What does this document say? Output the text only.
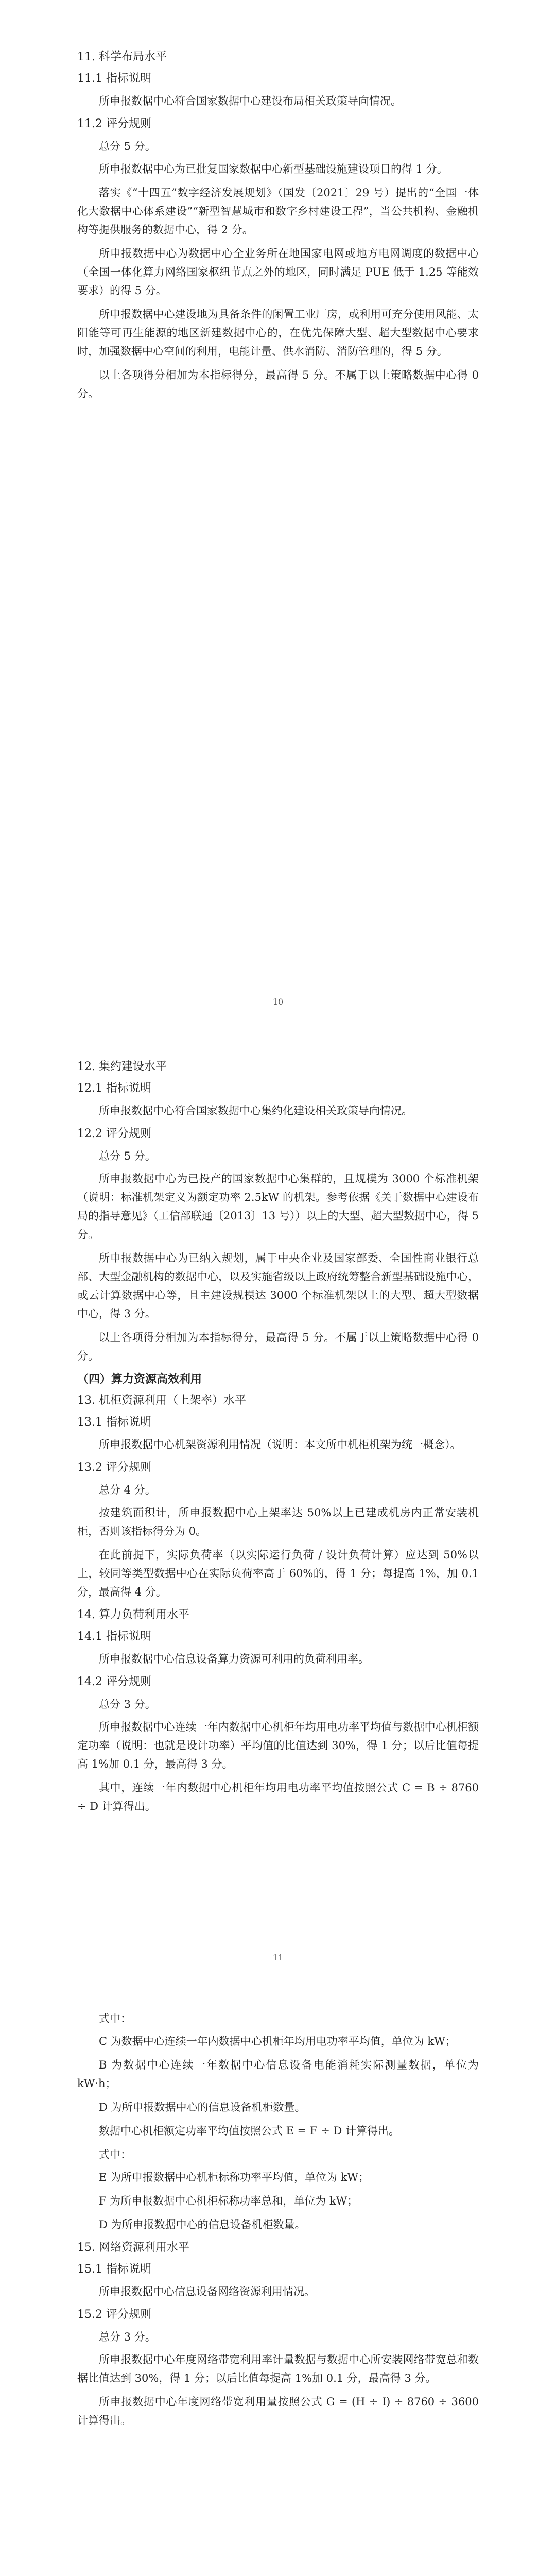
11. 科学布局水平
11.1 指标说明

所申报数据中心符合国家数据中心建设布局相关政策导向情况。

11.2 评分规则

总分 5 分。

所申报数据中心为已批复国家数据中心新型基础设施建设项目的得 1 分。

落实《“十四五”数字经济发展规划》（国发〔2021〕29 号）提出的“全国一体化大数据中心体系建设”“新型智慧城市和数字乡村建设工程”，当公共机构、金融机构等提供服务的数据中心，得 2 分。

所申报数据中心为数据中心全业务所在地国家电网或地方电网调度的数据中心（全国一体化算力网络国家枢纽节点之外的地区，同时满足 PUE 低于 1.25 等能效要求）的得 5 分。

所申报数据中心建设地为具备条件的闲置工业厂房，或利用可充分使用风能、太阳能等可再生能源的地区新建数据中心的，在优先保障大型、超大型数据中心要求时，加强数据中心空间的利用，电能计量、供水消防、消防管理的，得 5 分。

以上各项得分相加为本指标得分，最高得 5 分。不属于以上策略数据中心得 0 分。

10
12. 集约建设水平
12.1 指标说明

所申报数据中心符合国家数据中心集约化建设相关政策导向情况。

12.2 评分规则

总分 5 分。

所申报数据中心为已投产的国家数据中心集群的，且规模为 3000 个标准机架（说明：标准机架定义为额定功率 2.5kW 的机架。参考依据《关于数据中心建设布局的指导意见》（工信部联通〔2013〕13 号））以上的大型、超大型数据中心，得 5 分。

所申报数据中心为已纳入规划，属于中央企业及国家部委、全国性商业银行总部、大型金融机构的数据中心，以及实施省级以上政府统筹整合新型基础设施中心，或云计算数据中心等，且主建设规模达 3000 个标准机架以上的大型、超大型数据中心，得 3 分。

以上各项得分相加为本指标得分，最高得 5 分。不属于以上策略数据中心得 0 分。

（四）算力资源高效利用
13. 机柜资源利用（上架率）水平
13.1 指标说明

所申报数据中心机架资源利用情况（说明：本文所中机柜机架为统一概念）。

13.2 评分规则

总分 4 分。

按建筑面积计，所申报数据中心上架率达 50%以上已建成机房内正常安装机柜，否则该指标得分为 0。

在此前提下，实际负荷率（以实际运行负荷 / 设计负荷计算）应达到 50%以上，较同等类型数据中心在实际负荷率高于 60%的，得 1 分；每提高 1%，加 0.1 分，最高得 4 分。

14. 算力负荷利用水平
14.1 指标说明

所申报数据中心信息设备算力资源可利用的负荷利用率。

14.2 评分规则

总分 3 分。

所申报数据中心连续一年内数据中心机柜年均用电功率平均值与数据中心机柜额定功率（说明：也就是设计功率）平均值的比值达到 30%，得 1 分；以后比值每提高 1%加 0.1 分，最高得 3 分。

其中，连续一年内数据中心机柜年均用电功率平均值按照公式 C = B ÷ 8760 ÷ D 计算得出。

11

式中：

C 为数据中心连续一年内数据中心机柜年均用电功率平均值，单位为 kW；

B 为数据中心连续一年数据中心信息设备电能消耗实际测量数据，单位为 kW·h；

D 为所申报数据中心的信息设备机柜数量。

数据中心机柜额定功率平均值按照公式 E = F ÷ D 计算得出。

式中：

E 为所申报数据中心机柜标称功率平均值，单位为 kW；

F 为所申报数据中心机柜标称功率总和，单位为 kW；

D 为所申报数据中心的信息设备机柜数量。

15. 网络资源利用水平
15.1 指标说明

所申报数据中心信息设备网络资源利用情况。

15.2 评分规则

总分 3 分。

所申报数据中心年度网络带宽利用率计量数据与数据中心所安装网络带宽总和数据比值达到 30%，得 1 分；以后比值每提高 1%加 0.1 分，最高得 3 分。

所申报数据中心年度网络带宽利用量按照公式 G = (H ÷ I) ÷ 8760 ÷ 3600 计算得出。
